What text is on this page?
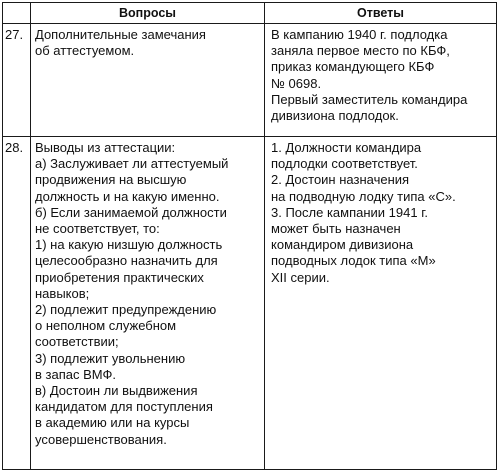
Вопросы	Ответы
27. Дополнительные замечания
об аттестуемом.
В кампанию 1940 г. подлодка
заняла первое место по КБФ,
приказ командующего КБФ
№ 0698.
Первый заместитель командира
дивизиона подлодок.
28. Выводы из аттестации:
а) Заслуживает ли аттестуемый
продвижения на высшую
должность и на какую именно.
б) Если занимаемой должности
не соответствует, то:
1) на какую низшую должность
целесообразно назначить для
приобретения практических
навыков;
2) подлежит предупреждению
о неполном служебном
соответствии;
3) подлежит увольнению
в запас ВМФ.
в) Достоин ли выдвижения
кандидатом для поступления
в академию или на курсы
усовершенствования.
1. Должности командира
подлодки соответствует.
2. Достоин назначения
на подводную лодку типа «С».
3. После кампании 1941 г.
может быть назначен
командиром дивизиона
подводных лодок типа «М»
XII серии.
